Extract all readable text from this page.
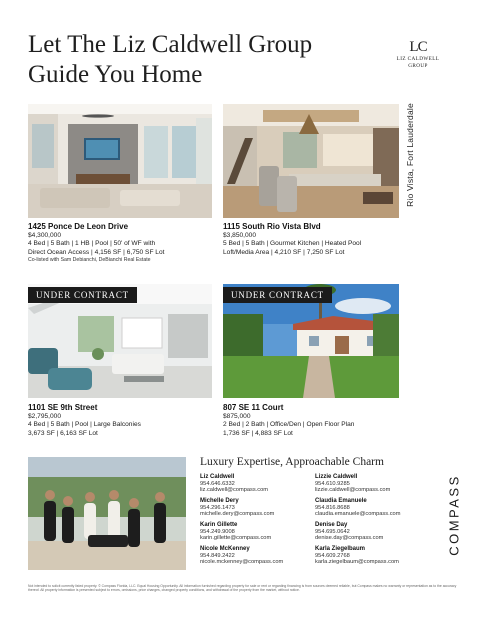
Let The Liz Caldwell Group
Guide You Home
LC
LIZ CALDWELL
GROUP
Rio Vista, Fort Lauderdale
1425 Ponce De Leon Drive
$4,300,000
4 Bed | 5 Bath | 1 HB | Pool | 50' of WF with
Direct Ocean Access | 4,156 SF | 6,750 SF Lot
Co-listed with Sam Debianchi, DeBianchi Real Estate
1115 South Rio Vista Blvd
$3,850,000
5 Bed | 5 Bath | Gourmet Kitchen | Heated Pool
Loft/Media Area | 4,210 SF | 7,250 SF Lot
UNDER CONTRACT	UNDER CONTRACT
1101 SE 9th Street
$2,795,000
4 Bed | 5 Bath | Pool | Large Balconies
3,673 SF | 6,163 SF Lot
807 SE 11 Court
$875,000
2 Bed | 2 Bath | Office/Den | Open Floor Plan
1,736 SF | 4,883 SF Lot
Luxury Expertise, Approachable Charm
Liz Caldwell
954.646.6332
liz.caldwell@compass.com
Michelle Dery
954.296.1473
michelle.dery@compass.com
Karin Gillette
954.249.9008
karin.gillette@compass.com
Nicole McKenney
954.849.2422
nicole.mckenney@compass.com
Lizzie Caldwell
954.610.9285
lizzie.caldwell@compass.com
Claudia Emanuele
954.816.8688
claudia.emanuele@compass.com
Denise Day
954.695.0642
denise.day@compass.com
Karla Ziegelbaum
954.609.2768
karla.ziegelbaum@compass.com
COMPASS
Not intended to solicit currently listed property. © Compass Florida, LLC. Equal Housing Opportunity. All information furnished regarding property for sale or rent or regarding financing is from sources deemed reliable, but Compass makes no warranty or representation as to the accuracy thereof. All property information is presented subject to errors, omissions, price changes, changed property conditions, and withdrawal of the property from the market, without notice.
